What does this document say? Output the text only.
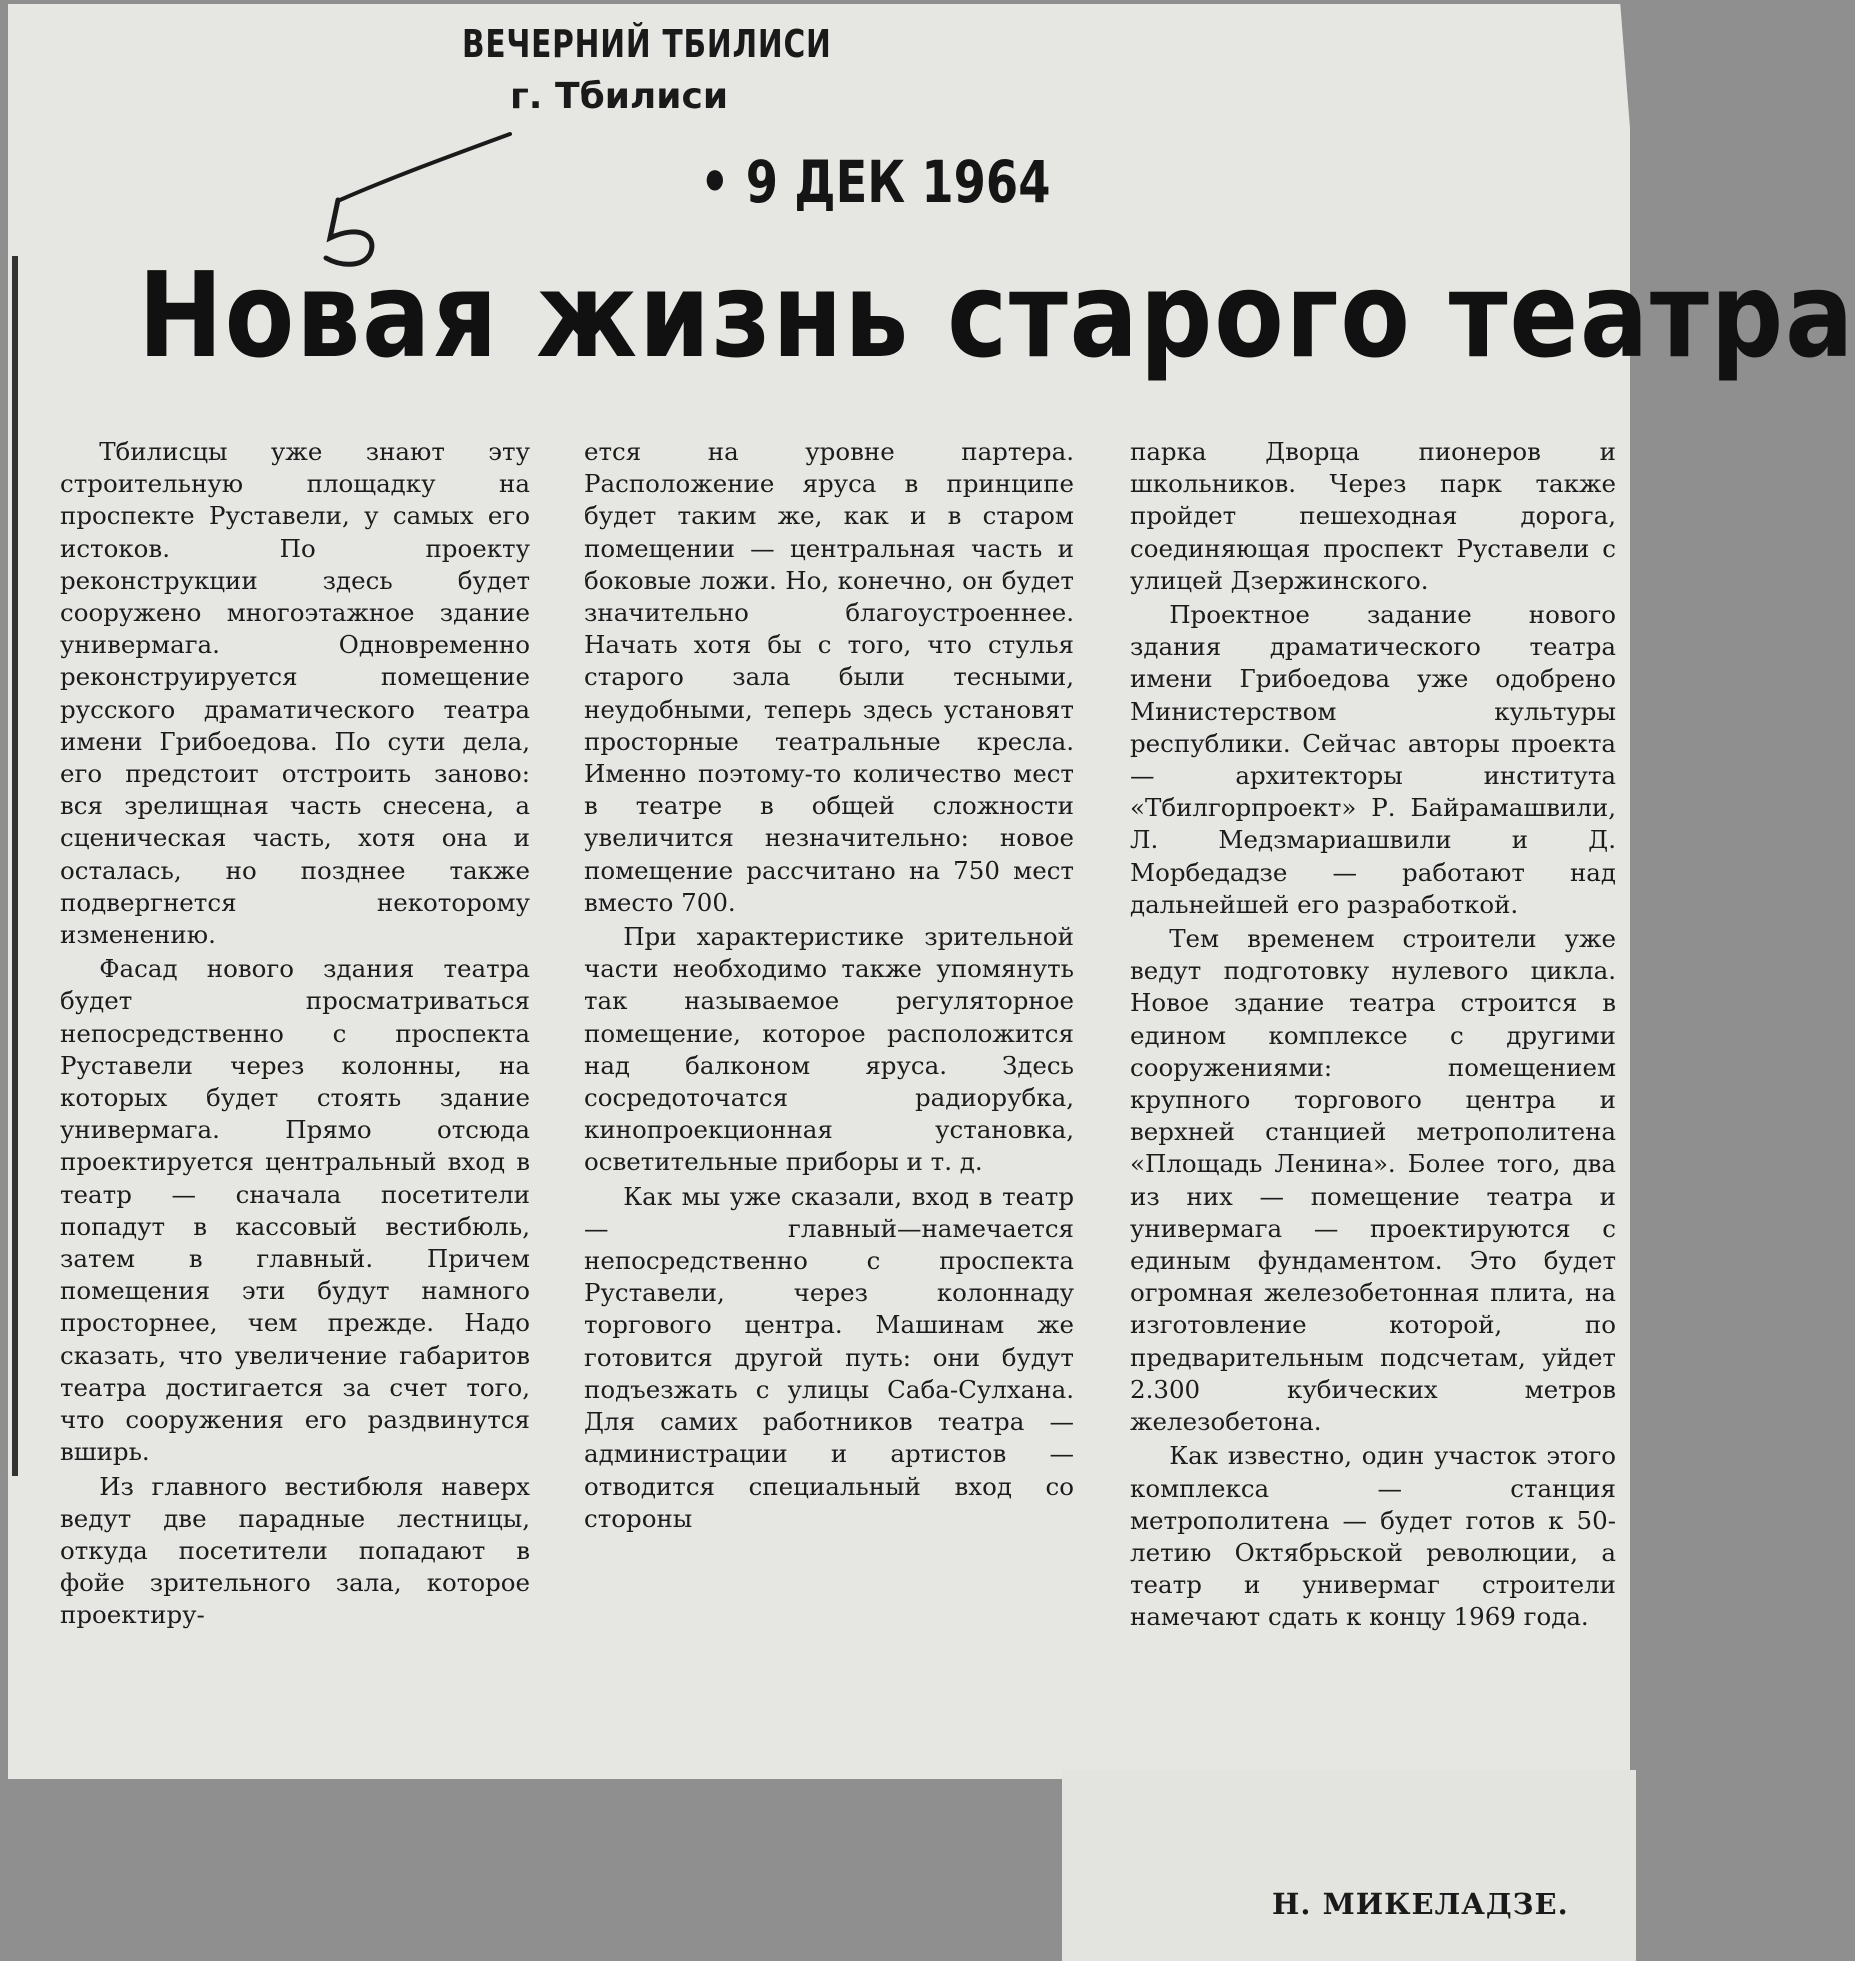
ВЕЧЕРНИЙ ТБИЛИСИ
г. Тбилиси
• 9 ДЕК 1964
Новая жизнь старого театра

Тбилисцы уже знают эту строительную площадку на проспекте Руставели, у самых его истоков. По проекту реконструкции здесь будет сооружено многоэтажное здание универмага. Одновременно реконструируется помещение русского драматического театра имени Грибоедова. По сути дела, его предстоит отстроить заново: вся зрелищная часть снесена, а сценическая часть, хотя она и осталась, но позднее также подвергнется некоторому изменению.

Фасад нового здания театра будет просматриваться непосредственно с проспекта Руставели через колонны, на которых будет стоять здание универмага. Прямо отсюда проектируется центральный вход в театр — сначала посетители попадут в кассовый вестибюль, затем в главный. Причем помещения эти будут намного просторнее, чем прежде. Надо сказать, что увеличение габаритов театра достигается за счет того, что сооружения его раздвинутся вширь.

Из главного вестибюля наверх ведут две парадные лестницы, откуда посетители попадают в фойе зрительного зала, которое проектиру-

ется на уровне партера. Расположение яруса в принципе будет таким же, как и в старом помещении — центральная часть и боковые ложи. Но, конечно, он будет значительно благоустроеннее. Начать хотя бы с того, что стулья старого зала были тесными, неудобными, теперь здесь установят просторные театральные кресла. Именно поэтому-то количество мест в театре в общей сложности увеличится незначительно: новое помещение рассчитано на 750 мест вместо 700.

При характеристике зрительной части необходимо также упомянуть так называемое регуляторное помещение, которое расположится над балконом яруса. Здесь сосредоточатся радиорубка, кинопроекционная установка, осветительные приборы и т. д.

Как мы уже сказали, вход в театр — главный—намечается непосредственно с проспекта Руставели, через колоннаду торгового центра. Машинам же готовится другой путь: они будут подъезжать с улицы Саба-Сулхана. Для самих работников театра — администрации и артистов — отводится специальный вход со стороны

парка Дворца пионеров и школьников. Через парк также пройдет пешеходная дорога, соединяющая проспект Руставели с улицей Дзержинского.

Проектное задание нового здания драматического театра имени Грибоедова уже одобрено Министерством культуры республики. Сейчас авторы проекта — архитекторы института «Тбилгорпроект» Р. Байрамашвили, Л. Медзмариашвили и Д. Морбедадзе — работают над дальнейшей его разработкой.

Тем временем строители уже ведут подготовку нулевого цикла. Новое здание театра строится в едином комплексе с другими сооружениями: помещением крупного торгового центра и верхней станцией метрополитена «Площадь Ленина». Более того, два из них — помещение театра и универмага — проектируются с единым фундаментом. Это будет огромная железобетонная плита, на изготовление которой, по предварительным подсчетам, уйдет 2.300 кубических метров железобетона.

Как известно, один участок этого комплекса — станция метрополитена — будет готов к 50-летию Октябрьской революции, а театр и универмаг строители намечают сдать к концу 1969 года.

Н. МИКЕЛАДЗЕ.
